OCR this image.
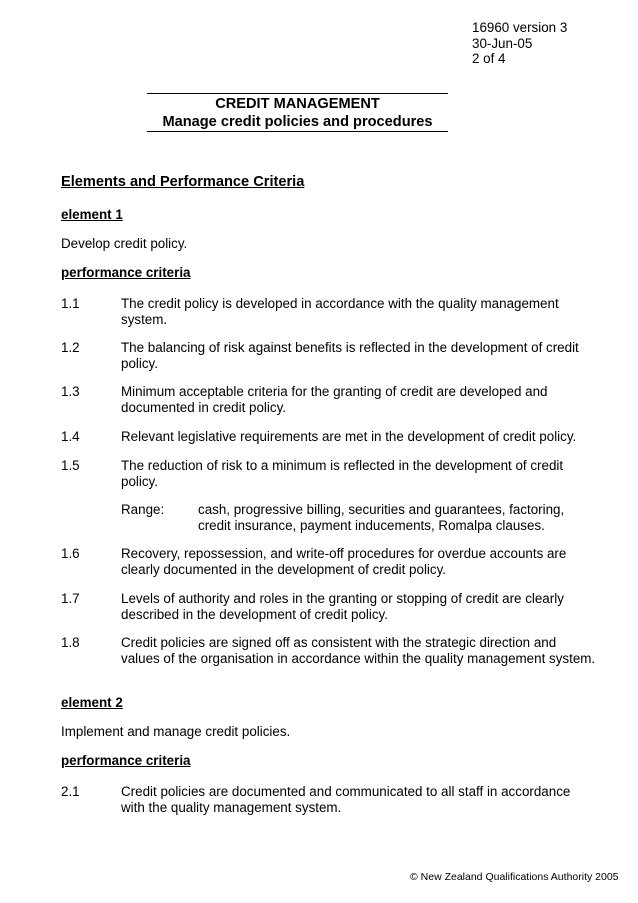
16960 version 3
30-Jun-05
2 of 4
CREDIT MANAGEMENT
Manage credit policies and procedures
Elements and Performance Criteria
element 1
Develop credit policy.
performance criteria
1.1	The credit policy is developed in accordance with the quality management
system.
1.2	The balancing of risk against benefits is reflected in the development of credit
policy.
1.3	Minimum acceptable criteria for the granting of credit are developed and
documented in credit policy.
1.4	Relevant legislative requirements are met in the development of credit policy.
1.5	The reduction of risk to a minimum is reflected in the development of credit
policy.
Range:	cash, progressive billing, securities and guarantees, factoring,
credit insurance, payment inducements, Romalpa clauses.
1.6	Recovery, repossession, and write-off procedures for overdue accounts are
clearly documented in the development of credit policy.
1.7	Levels of authority and roles in the granting or stopping of credit are clearly
described in the development of credit policy.
1.8	Credit policies are signed off as consistent with the strategic direction and
values of the organisation in accordance within the quality management system.
element 2
Implement and manage credit policies.
performance criteria
2.1	Credit policies are documented and communicated to all staff in accordance
with the quality management system.
© New Zealand Qualifications Authority 2005
